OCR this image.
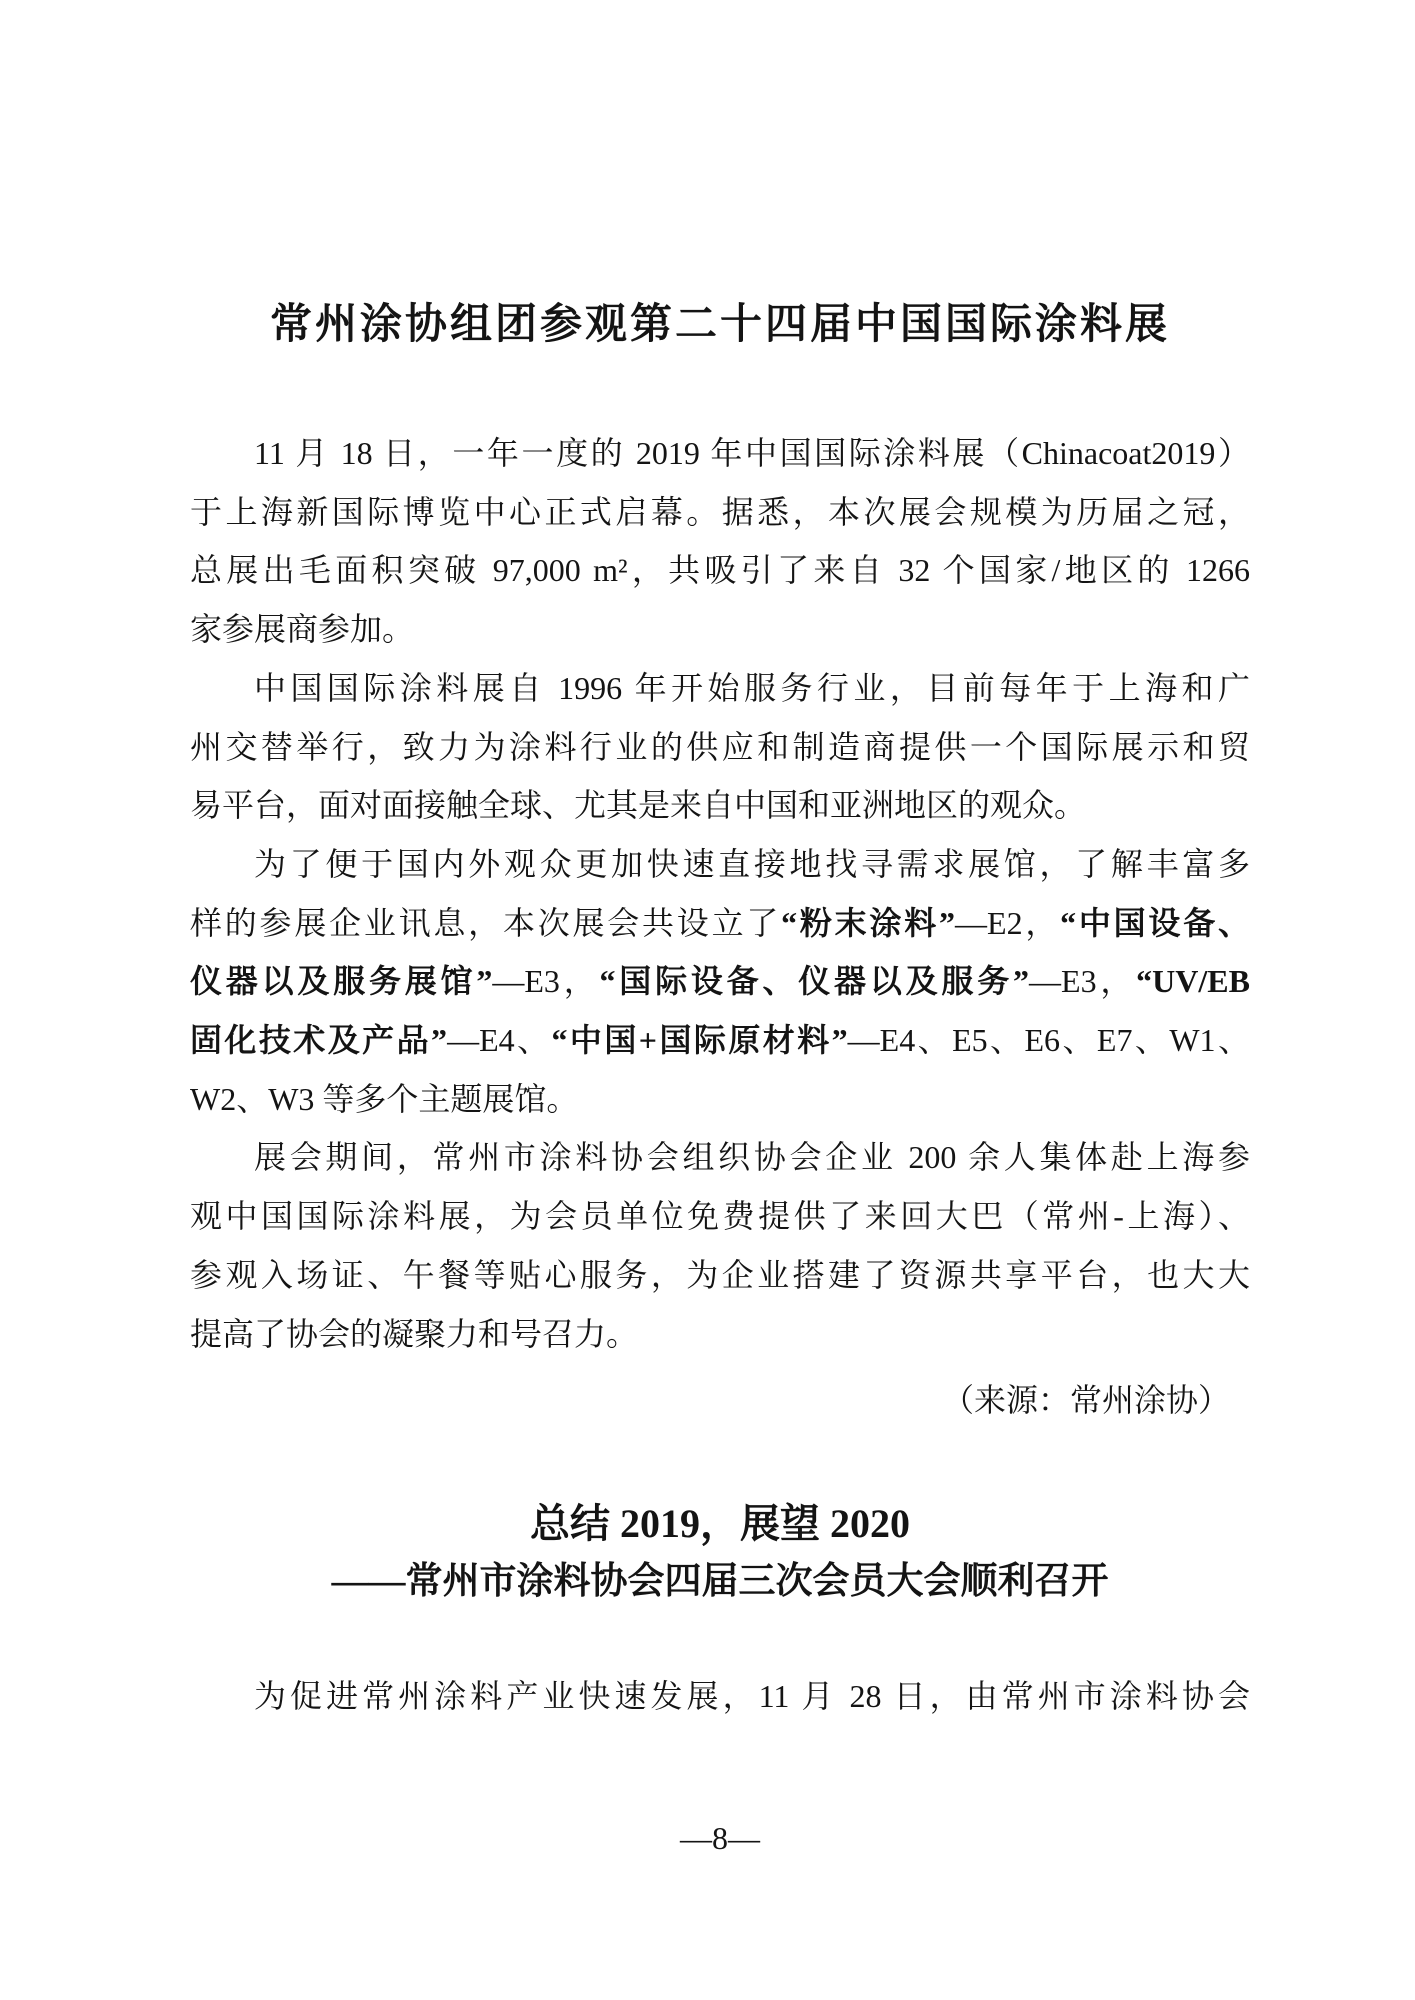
常州涂协组团参观第二十四届中国国际涂料展
11 月 18 日，一年一度的 2019 年中国国际涂料展（Chinacoat2019）
于上海新国际博览中心正式启幕。据悉，本次展会规模为历届之冠，
总展出毛面积突破 97,000 m²，共吸引了来自 32 个国家/地区的 1266
家参展商参加。
中国国际涂料展自 1996 年开始服务行业，目前每年于上海和广
州交替举行，致力为涂料行业的供应和制造商提供一个国际展示和贸
易平台，面对面接触全球、尤其是来自中国和亚洲地区的观众。
为了便于国内外观众更加快速直接地找寻需求展馆，了解丰富多
样的参展企业讯息，本次展会共设立了“粉末涂料”—E2，“中国设备、
仪器以及服务展馆”—E3，“国际设备、仪器以及服务”—E3，“UV/EB
固化技术及产品”—E4、“中国+国际原材料”—E4、E5、E6、E7、W1、
W2、W3 等多个主题展馆。
展会期间，常州市涂料协会组织协会企业 200 余人集体赴上海参
观中国国际涂料展，为会员单位免费提供了来回大巴（常州-上海）、
参观入场证、午餐等贴心服务，为企业搭建了资源共享平台，也大大
提高了协会的凝聚力和号召力。
（来源：常州涂协）
总结 2019，展望 2020
——常州市涂料协会四届三次会员大会顺利召开
为促进常州涂料产业快速发展，11 月 28 日，由常州市涂料协会
—8—
